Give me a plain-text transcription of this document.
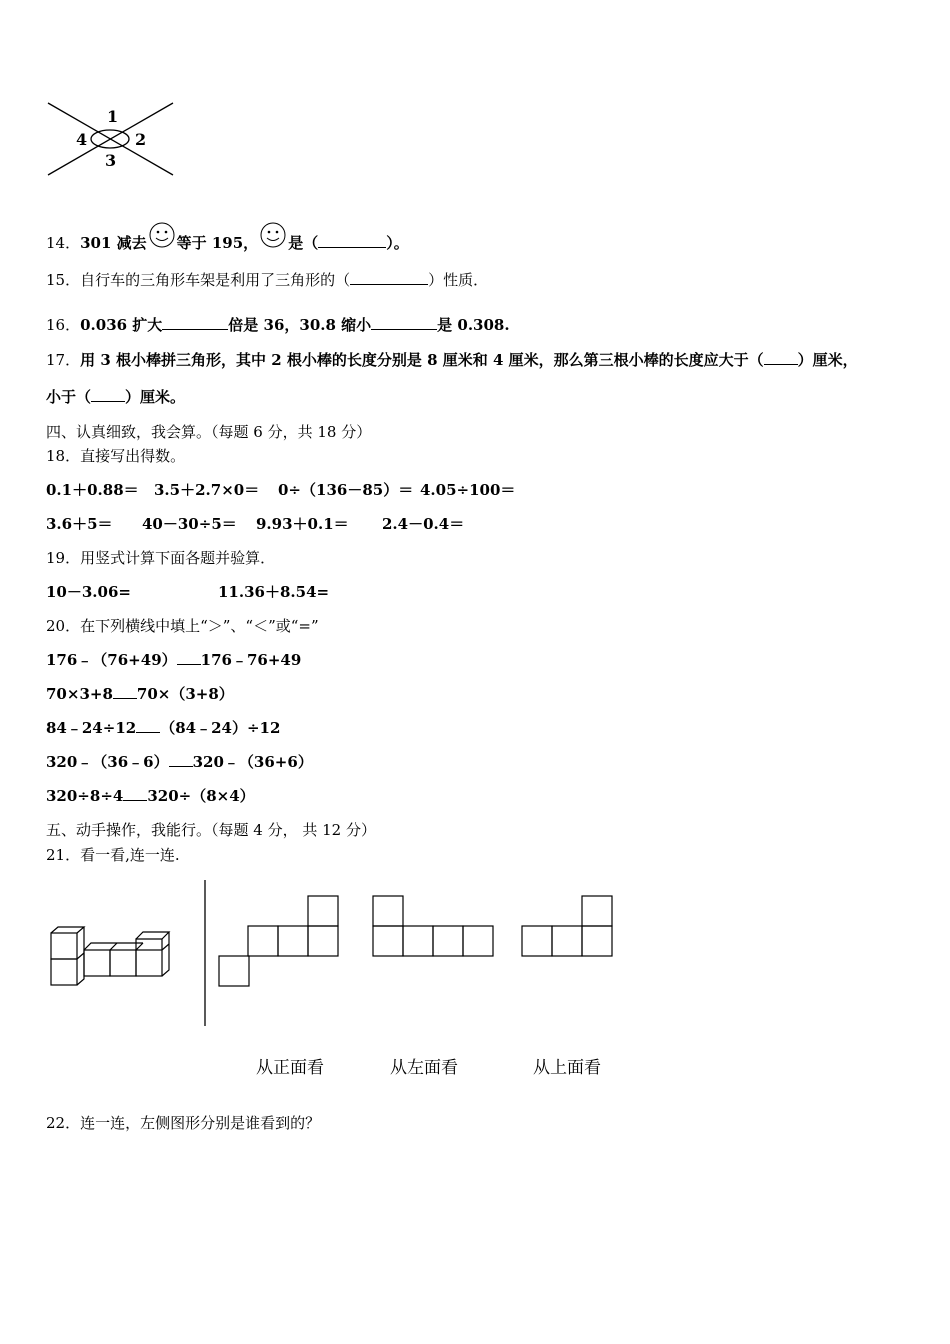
1
2
3
4
14．301 减去 等于 195， 是（	）。
15．自行车的三角形车架是利用了三角形的（	）性质．
16．0.036 扩大	倍是 36，30.8 缩小	是 0.308.
17．用 3 根小棒拼三角形，其中 2 根小棒的长度分别是 8 厘米和 4 厘米，那么第三根小棒的长度应大于（ ）厘米，
小于（ ）厘米。
四、认真细致，我会算。（每题 6 分，共 18 分）
18．直接写出得数。
0.1＋0.88＝ 3.5＋2.7×0＝ 0÷（136－85）＝ 4.05÷100＝
3.6＋5＝ 40－30÷5＝ 9.93＋0.1＝ 2.4－0.4＝
19．用竖式计算下面各题并验算．
10－3.06=	11.36＋8.54=
20．在下列横线中填上“＞”、“＜”或“=”
176﹣（76+49） 176﹣76+49
70×3+8 70×（3+8）
84﹣24÷12 （84﹣24）÷12
320﹣（36﹣6） 320﹣（36+6）
320÷8÷4 320÷（8×4）
五、动手操作，我能行。（每题 4 分， 共 12 分）
21．看一看,连一连.
从正面看	从左面看	从上面看
22．连一连，左侧图形分别是谁看到的？
